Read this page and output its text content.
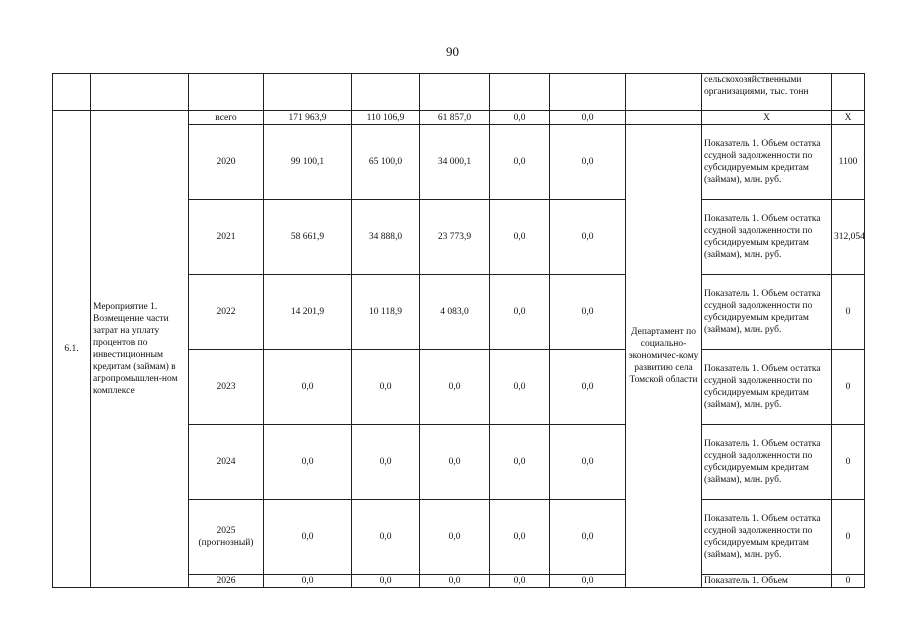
90
									сельскохозяйственными организациями, тыс. тонн	
6.1.	Мероприятие 1. Возмещение части затрат на уплату процентов по инвестиционным кредитам (займам) в агропромышлен-ном комплексе	всего	171 963,9	110 106,9	61 857,0	0,0	0,0		X	X
		2020	99 100,1	65 100,0	34 000,1	0,0	0,0	Департамент по социально-экономичес-кому развитию села Томской области	Показатель 1. Объем остатка ссудной задолженности по субсидируемым кредитам (займам), млн. руб.	1100
		2021	58 661,9	34 888,0	23 773,9	0,0	0,0		Показатель 1. Объем остатка ссудной задолженности по субсидируемым кредитам (займам), млн. руб.	312,054
		2022	14 201,9	10 118,9	4 083,0	0,0	0,0		Показатель 1. Объем остатка ссудной задолженности по субсидируемым кредитам (займам), млн. руб.	0
		2023	0,0	0,0	0,0	0,0	0,0		Показатель 1. Объем остатка ссудной задолженности по субсидируемым кредитам (займам), млн. руб.	0
		2024	0,0	0,0	0,0	0,0	0,0		Показатель 1. Объем остатка ссудной задолженности по субсидируемым кредитам (займам), млн. руб.	0
		2025 (прогнозный)	0,0	0,0	0,0	0,0	0,0		Показатель 1. Объем остатка ссудной задолженности по субсидируемым кредитам (займам), млн. руб.	0
		2026	0,0	0,0	0,0	0,0	0,0		Показатель 1. Объем	0
